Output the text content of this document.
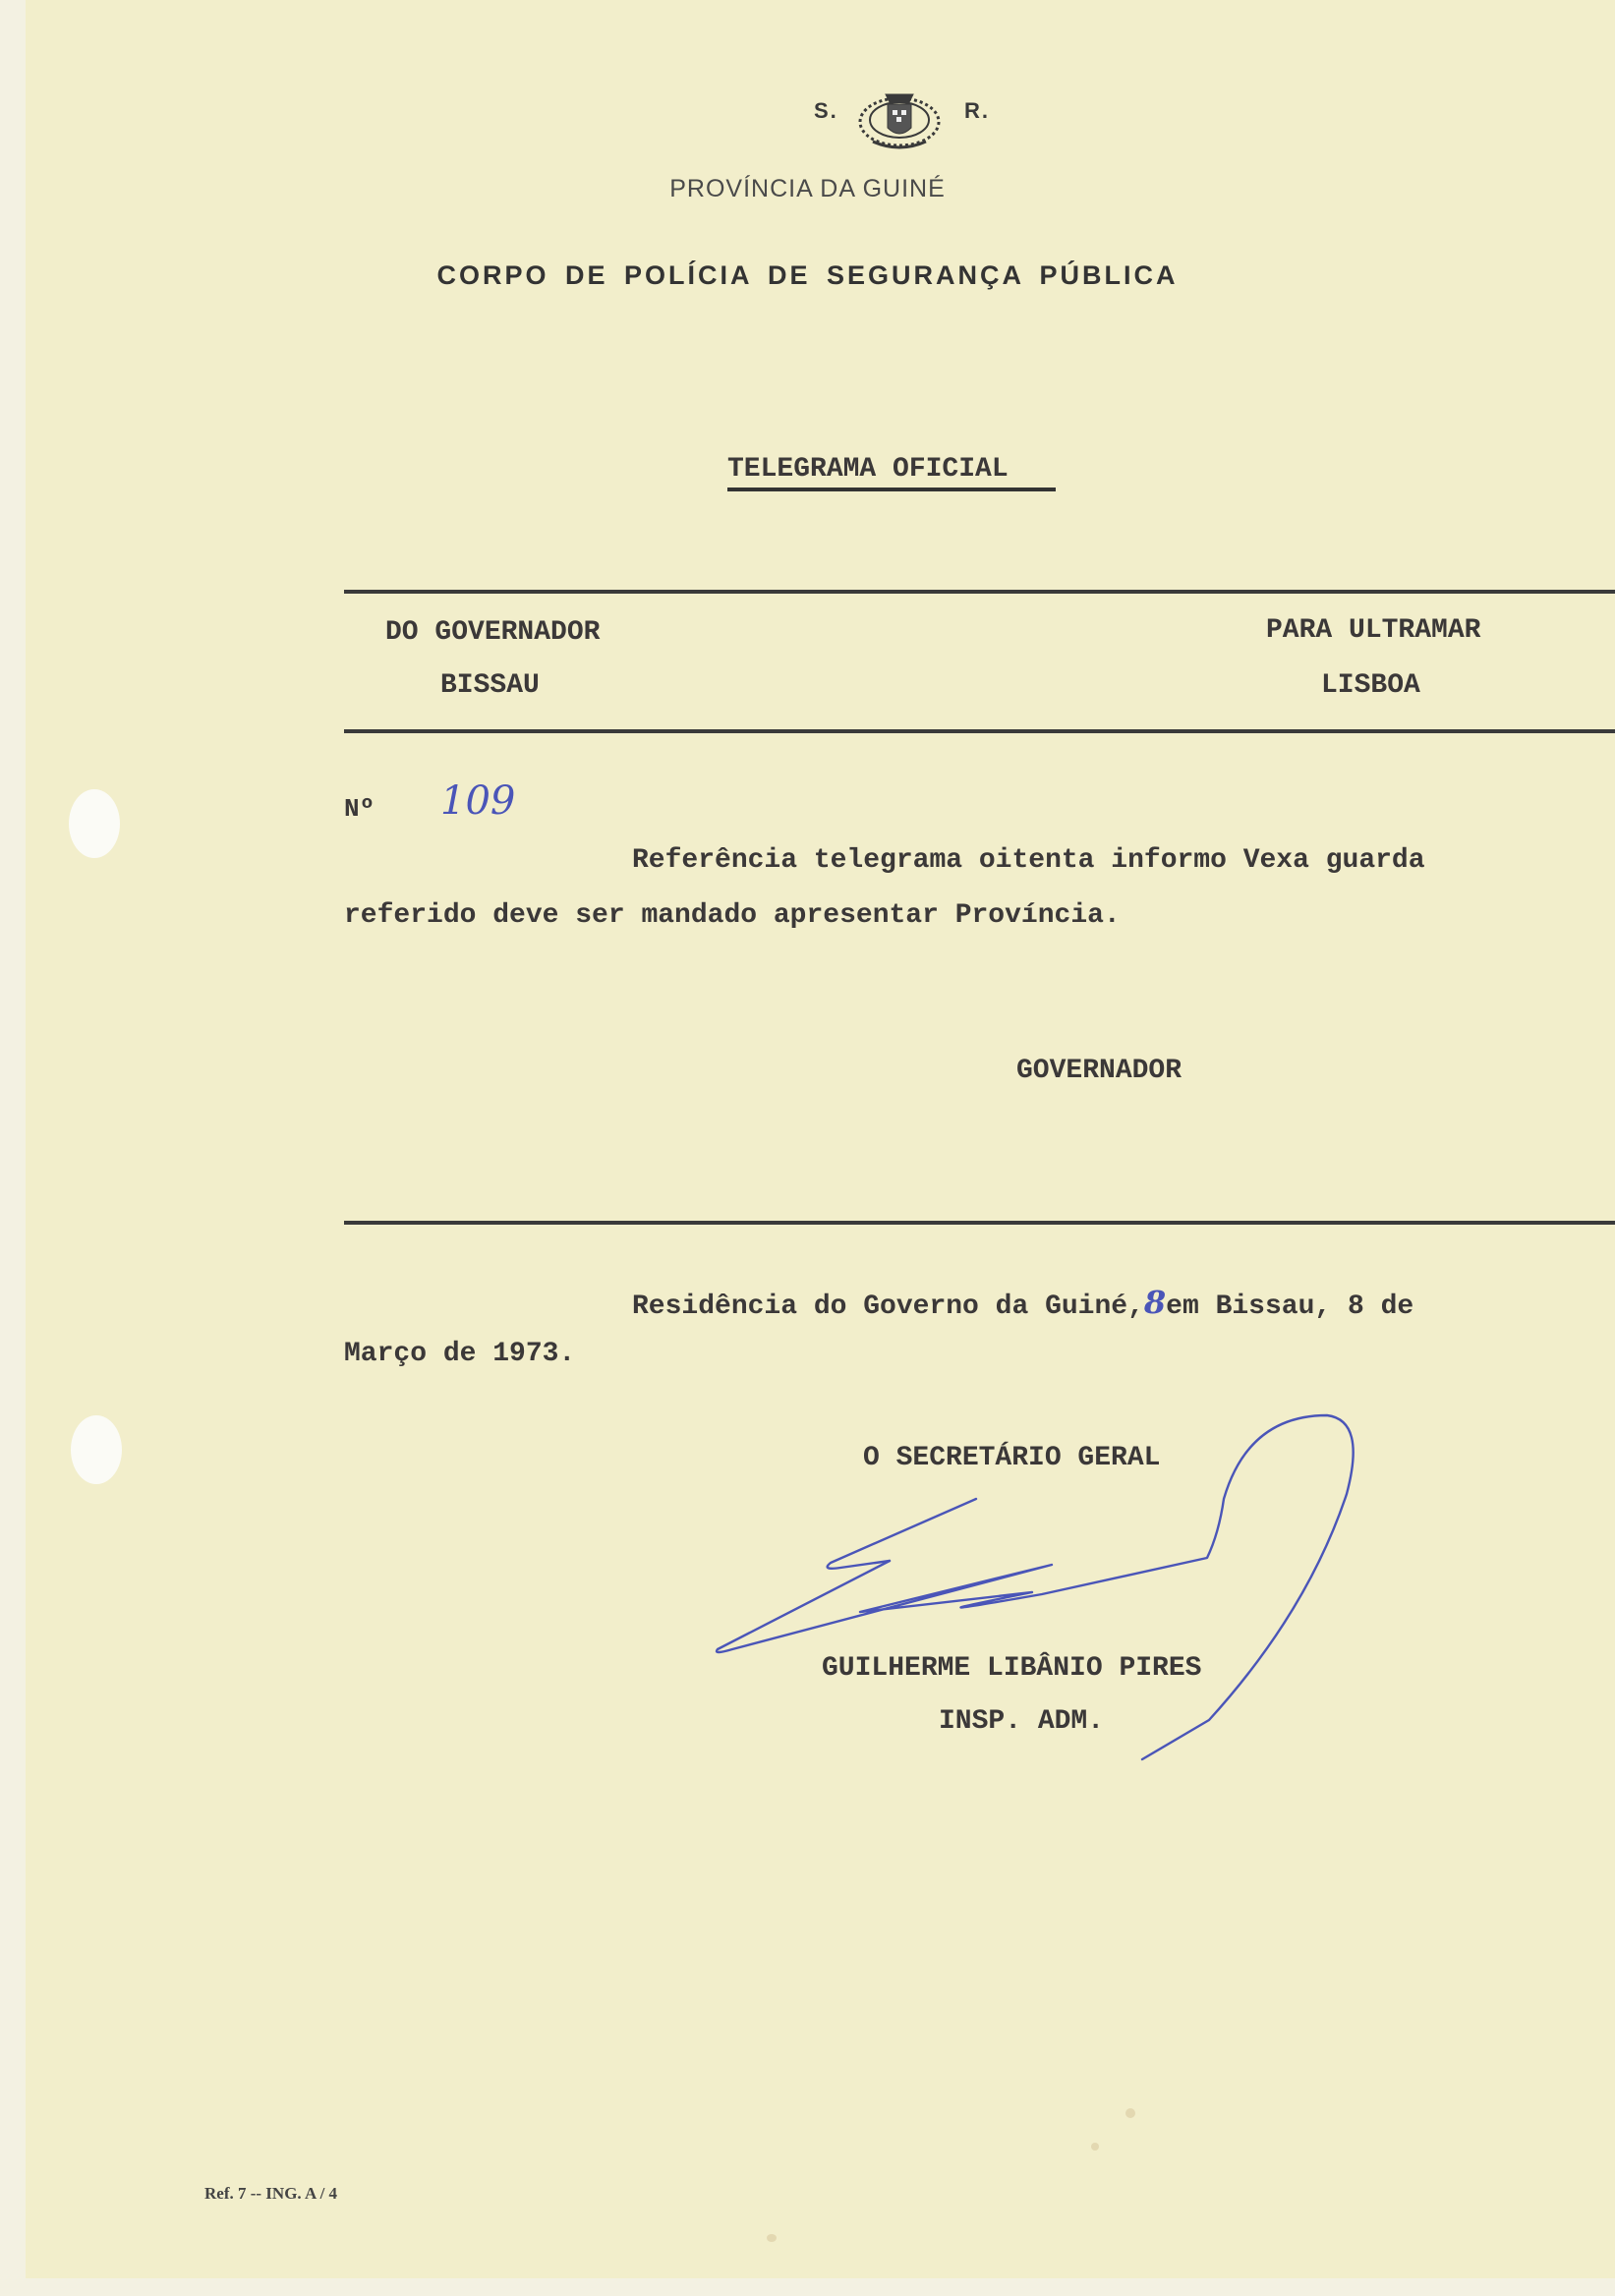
S.	R.
PROVÍNCIA DA GUINÉ
CORPO DE POLÍCIA DE SEGURANÇA PÚBLICA
TELEGRAMA OFICIAL
DO GOVERNADOR
BISSAU
PARA ULTRAMAR
LISBOA
Nº 109
Referência telegrama oitenta informo Vexa guarda
referido deve ser mandado apresentar Província.
GOVERNADOR
Residência do Governo da Guiné,8em Bissau, 8 de
Março de 1973.
O SECRETÁRIO GERAL
GUILHERME LIBÂNIO PIRES
INSP. ADM.
Ref. 7 -- ING. A / 4
